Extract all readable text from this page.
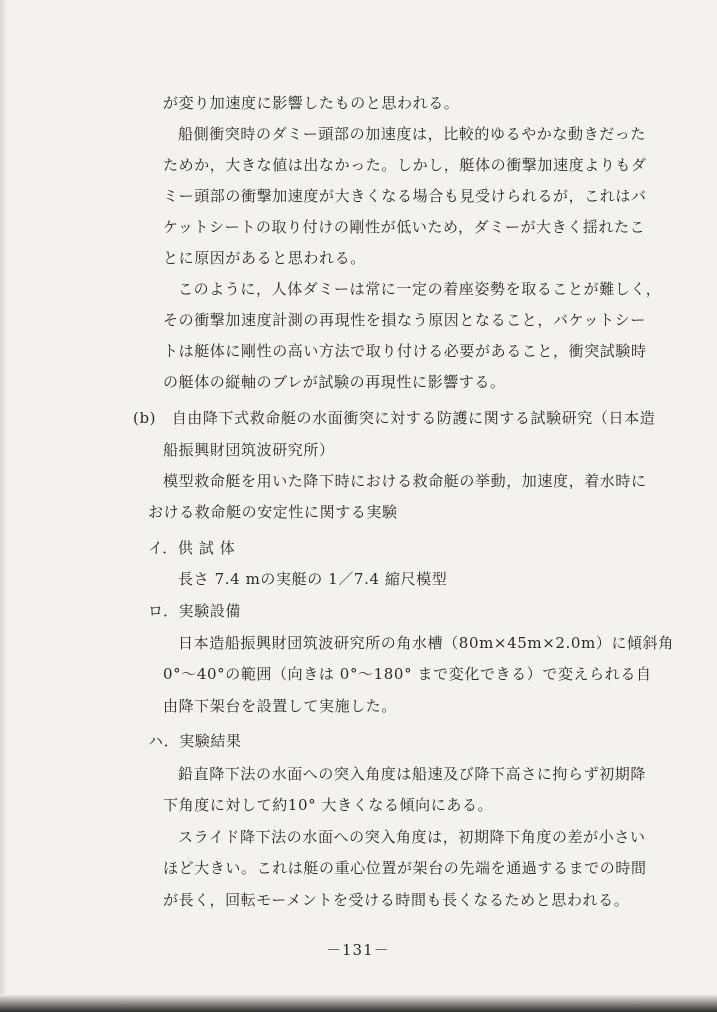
が変り加速度に影響したものと思われる。
船側衝突時のダミー頭部の加速度は，比較的ゆるやかな動きだった
ためか，大きな値は出なかった。しかし，艇体の衝撃加速度よりもダ
ミー頭部の衝撃加速度が大きくなる場合も見受けられるが，これはバ
ケットシートの取り付けの剛性が低いため，ダミーが大きく揺れたこ
とに原因があると思われる。
このように，人体ダミーは常に一定の着座姿勢を取ることが難しく，
その衝撃加速度計測の再現性を損なう原因となること，バケットシー
トは艇体に剛性の高い方法で取り付ける必要があること，衝突試験時
の艇体の縦軸のブレが試験の再現性に影響する。
(b)　自由降下式救命艇の水面衝突に対する防護に関する試験研究（日本造
船振興財団筑波研究所）
模型救命艇を用いた降下時における救命艇の挙動，加速度，着水時に
おける救命艇の安定性に関する実験
イ．供 試 体
長さ 7.4 mの実艇の 1／7.4 縮尺模型
ロ．実験設備
日本造船振興財団筑波研究所の角水槽（80m×45m×2.0m）に傾斜角
0°～40°の範囲（向きは 0°～180° まで変化できる）で変えられる自
由降下架台を設置して実施した。
ハ．実験結果
鉛直降下法の水面への突入角度は船速及び降下高さに拘らず初期降
下角度に対して約10° 大きくなる傾向にある。
スライド降下法の水面への突入角度は，初期降下角度の差が小さい
ほど大きい。これは艇の重心位置が架台の先端を通過するまでの時間
が長く，回転モーメントを受ける時間も長くなるためと思われる。
－131－
